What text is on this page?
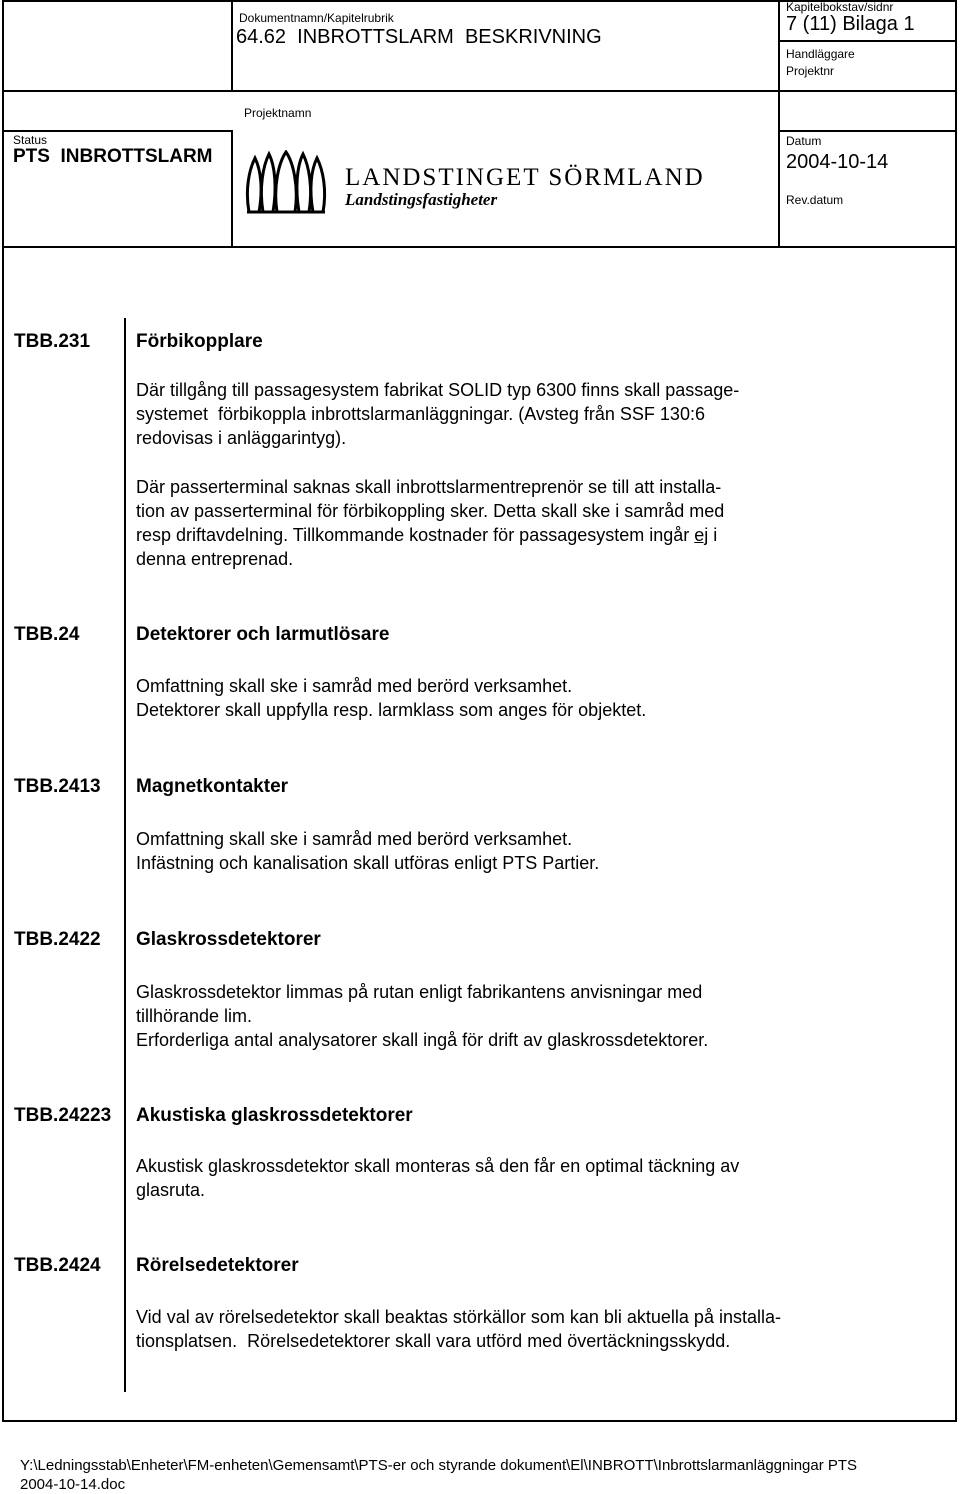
Dokumentnamn/Kapitelrubrik
64.62  INBROTTSLARM  BESKRIVNING
Kapitelbokstav/sidnr
7 (11) Bilaga 1
Handläggare
Projektnr
Projektnamn
Status
PTS  INBROTTSLARM
Datum
2004-10-14
Rev.datum
LANDSTINGET SÖRMLAND
Landstingsfastigheter
TBB.231 Förbikopplare
Där tillgång till passagesystem fabrikat SOLID typ 6300 finns skall passage-
systemet  förbikoppla inbrottslarmanläggningar. (Avsteg från SSF 130:6
redovisas i anläggarintyg).
Där passerterminal saknas skall inbrottslarmentreprenör se till att installa-
tion av passerterminal för förbikoppling sker. Detta skall ske i samråd med
resp driftavdelning. Tillkommande kostnader för passagesystem ingår ej i
denna entreprenad.
TBB.24	Detektorer och larmutlösare
Omfattning skall ske i samråd med berörd verksamhet.
Detektorer skall uppfylla resp. larmklass som anges för objektet.
TBB.2413 Magnetkontakter
Omfattning skall ske i samråd med berörd verksamhet.
Infästning och kanalisation skall utföras enligt PTS Partier.
TBB.2422 Glaskrossdetektorer
Glaskrossdetektor limmas på rutan enligt fabrikantens anvisningar med
tillhörande lim.
Erforderliga antal analysatorer skall ingå för drift av glaskrossdetektorer.
TBB.24223 Akustiska glaskrossdetektorer
Akustisk glaskrossdetektor skall monteras så den får en optimal täckning av
glasruta.
TBB.2424 Rörelsedetektorer
Vid val av rörelsedetektor skall beaktas störkällor som kan bli aktuella på installa-
tionsplatsen.  Rörelsedetektorer skall vara utförd med övertäckningsskydd.
Y:\Ledningsstab\Enheter\FM-enheten\Gemensamt\PTS-er och styrande dokument\El\INBROTT\Inbrottslarmanläggningar PTS
2004-10-14.doc
